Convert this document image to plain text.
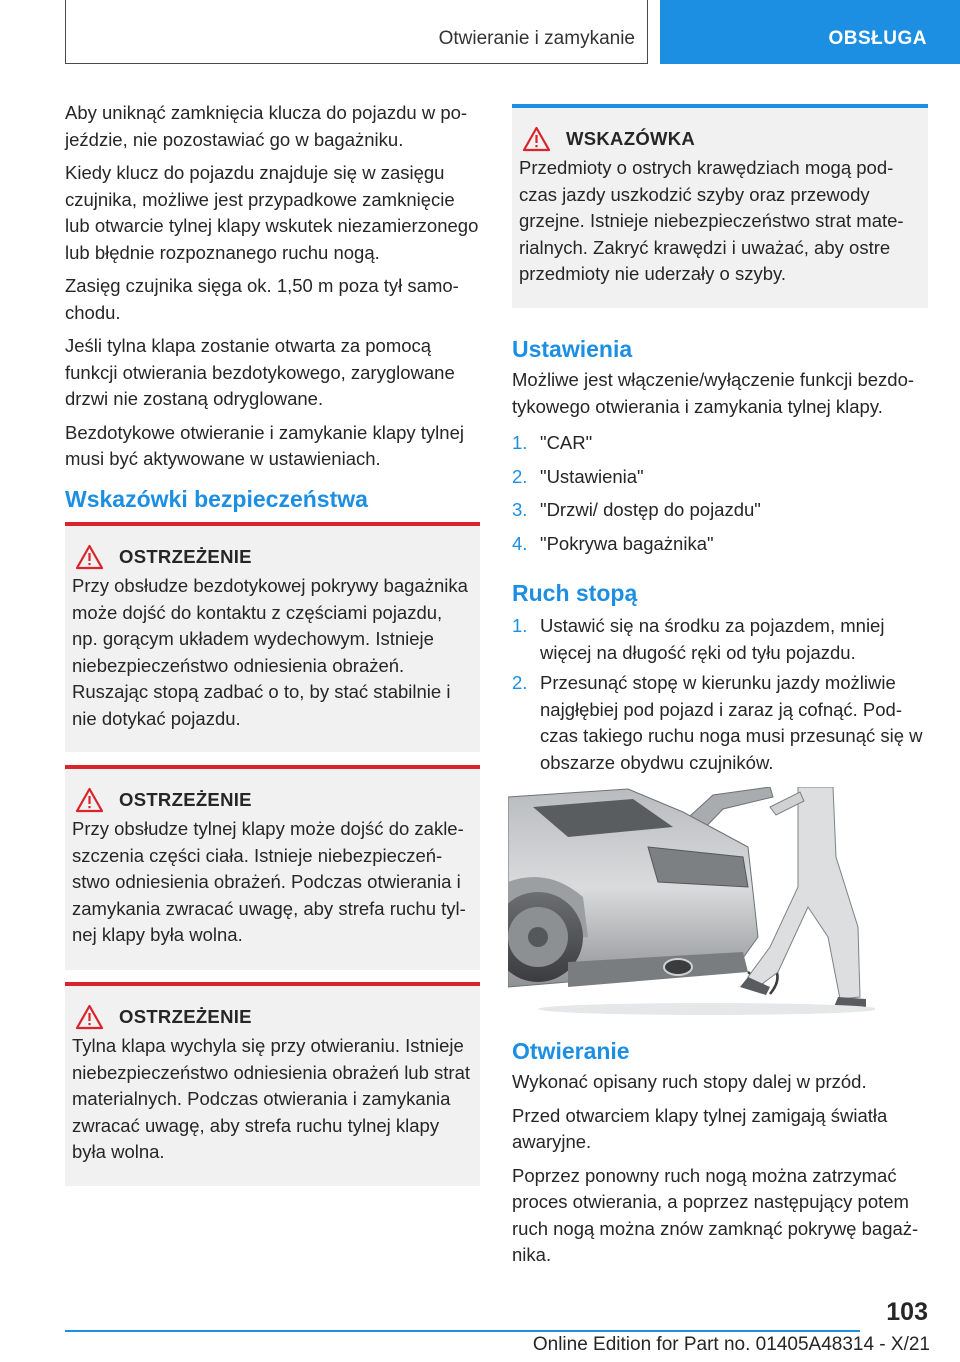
Otwieranie i zamykanie	OBSŁUGA

Aby uniknąć zamknięcia klucza do pojazdu w pojeździe, nie pozostawiać go w bagażniku.

Kiedy klucz do pojazdu znajduje się w zasięgu czujnika, możliwe jest przypadkowe zamknięcie lub otwarcie tylnej klapy wskutek niezamierzonego lub błędnie rozpoznanego ruchu nogą.

Zasięg czujnika sięga ok. 1,50 m poza tył samochodu.

Jeśli tylna klapa zostanie otwarta za pomocą funkcji otwierania bezdotykowego, zaryglowane drzwi nie zostaną odryglowane.

Bezdotykowe otwieranie i zamykanie klapy tylnej musi być aktywowane w ustawieniach.

Wskazówki bezpieczeństwa
OSTRZEŻENIE

Przy obsłudze bezdotykowej pokrywy bagażnika może dojść do kontaktu z częściami pojazdu, np. gorącym układem wydechowym. Istnieje niebezpieczeństwo odniesienia obrażeń. Ruszając stopą zadbać o to, by stać stabilnie i nie dotykać pojazdu.

OSTRZEŻENIE

Przy obsłudze tylnej klapy może dojść do zakleszczenia części ciała. Istnieje niebezpieczeństwo odniesienia obrażeń. Podczas otwierania i zamykania zwracać uwagę, aby strefa ruchu tylnej klapy była wolna.

OSTRZEŻENIE

Tylna klapa wychyla się przy otwieraniu. Istnieje niebezpieczeństwo odniesienia obrażeń lub strat materialnych. Podczas otwierania i zamykania zwracać uwagę, aby strefa ruchu tylnej klapy była wolna.

WSKAZÓWKA

Przedmioty o ostrych krawędziach mogą podczas jazdy uszkodzić szyby oraz przewody grzejne. Istnieje niebezpieczeństwo strat materialnych. Zakryć krawędzi i uważać, aby ostre przedmioty nie uderzały o szyby.

Ustawienia

Możliwe jest włączenie/wyłączenie funkcji bezdotykowego otwierania i zamykania tylnej klapy.

1. "CAR"
2. "Ustawienia"
3. "Drzwi/ dostęp do pojazdu"
4. "Pokrywa bagażnika"
Ruch stopą
1. Ustawić się na środku za pojazdem, mniej więcej na długość ręki od tyłu pojazdu.
2. Przesunąć stopę w kierunku jazdy możliwie najgłębiej pod pojazd i zaraz ją cofnąć. Podczas takiego ruchu noga musi przesunąć się w obszarze obydwu czujników.
Otwieranie

Wykonać opisany ruch stopy dalej w przód.

Przed otwarciem klapy tylnej zamigają światła awaryjne.

Poprzez ponowny ruch nogą można zatrzymać proces otwierania, a poprzez następujący potem ruch nogą można znów zamknąć pokrywę bagażnika.

103
Online Edition for Part no. 01405A48314 - X/21
